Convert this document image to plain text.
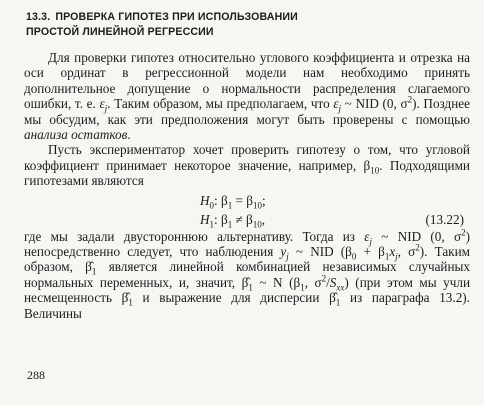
13.3. ПРОВЕРКА ГИПОТЕЗ ПРИ ИСПОЛЬЗОВАНИИ
ПРОСТОЙ ЛИНЕЙНОЙ РЕГРЕССИИ

Для проверки гипотез относительно углового коэффициента и отрезка на оси ординат в регрессионной модели нам необходимо принять дополнительное допущение о нормальности распределения слагаемого ошибки, т. е. $\varepsilon_j$. Таким образом, мы предполагаем, что $\varepsilon_j$ ~ NID (0, $\sigma^2$). Позднее мы обсудим, как эти предположения могут быть проверены с помощью анализа остатков.

Пусть экспериментатор хочет проверить гипотезу о том, что угловой коэффициент принимает некоторое значение, например, $\beta_{10}$. Подходящими гипотезами являются

$H_0$: $\beta_1 = \beta_{10}$;
$H_1$: $\beta_1 \ne \beta_{10}$,	(13.22)

где мы задали двустороннюю альтернативу. Тогда из $\varepsilon_j$ ~ NID (0, $\sigma^2$) непосредственно следует, что наблюдения $y_j$ ~ NID ($\beta_0 + \beta_1x_j$, $\sigma^2$). Таким образом, $\betâ_1$ является линейной комбинацией независимых случайных нормальных переменных, и, значит, $\betâ_1$ ~ N ($\beta_1$, $\sigma^2/S_{xx}$) (при этом мы учли несмещенность $\betâ_1$ и выражение для дисперсии $\betâ_1$ из параграфа 13.2). Величины

288
